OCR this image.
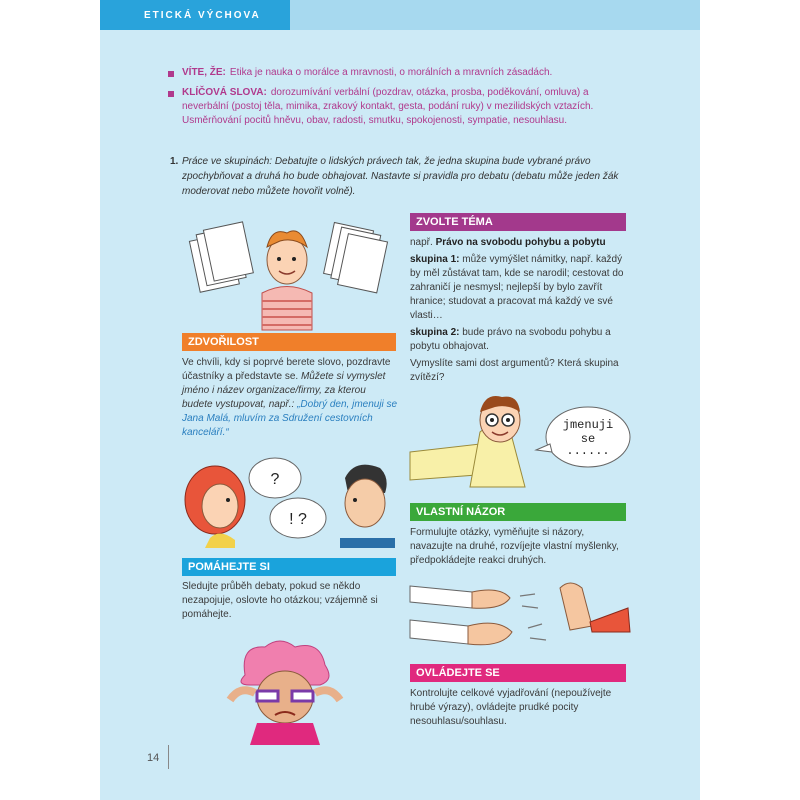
ETICKÁ VÝCHOVA
VÍTE, ŽE: Etika je nauka o morálce a mravnosti, o morálních a mravních zásadách.
KLÍČOVÁ SLOVA: dorozumívání verbální (pozdrav, otázka, prosba, poděkování, omluva) a neverbální (postoj těla, mimika, zrakový kontakt, gesta, podání ruky) v mezilidských vztazích. Usměrňování pocitů hněvu, obav, radosti, smutku, spokojenosti, sympatie, nesouhlasu.
1. Práce ve skupinách: Debatujte o lidských právech tak, že jedna skupina bude vybrané právo zpochybňovat a druhá ho bude obhajovat. Nastavte si pravidla pro debatu (debatu může jeden žák moderovat nebo můžete hovořit volně).
ZDVOŘILOST
Ve chvíli, kdy si poprvé berete slovo, pozdravte účastníky a představte se. Můžete si vymyslet jméno i název organizace/firmy, za kterou budete vystupovat, např.: „Dobrý den, jmenuji se Jana Malá, mluvím za Sdružení cestovních kanceláří.“
?
! ?
POMÁHEJTE SI
Sledujte průběh debaty, pokud se někdo nezapojuje, oslovte ho otázkou; vzájemně si pomáhejte.
ZVOLTE TÉMA
např. Právo na svobodu pohybu a pobytu
skupina 1: může vymýšlet námitky, např. každý by měl zůstávat tam, kde se narodil; cestovat do zahraničí je nesmysl; nejlepší by bylo zavřít hranice; studovat a pracovat má každý ve své vlasti…
skupina 2: bude právo na svobodu pohybu a pobytu obhajovat.
Vymyslíte sami dost argumentů? Která skupina zvítězí?
jmenuji
se
......
VLASTNÍ NÁZOR
Formulujte otázky, vyměňujte si názory, navazujte na druhé, rozvíjejte vlastní myšlenky, předpokládejte reakci druhých.
OVLÁDEJTE SE
Kontrolujte celkové vyjadřování (nepoužívejte hrubé výrazy), ovládejte prudké pocity nesouhlasu/souhlasu.
14
